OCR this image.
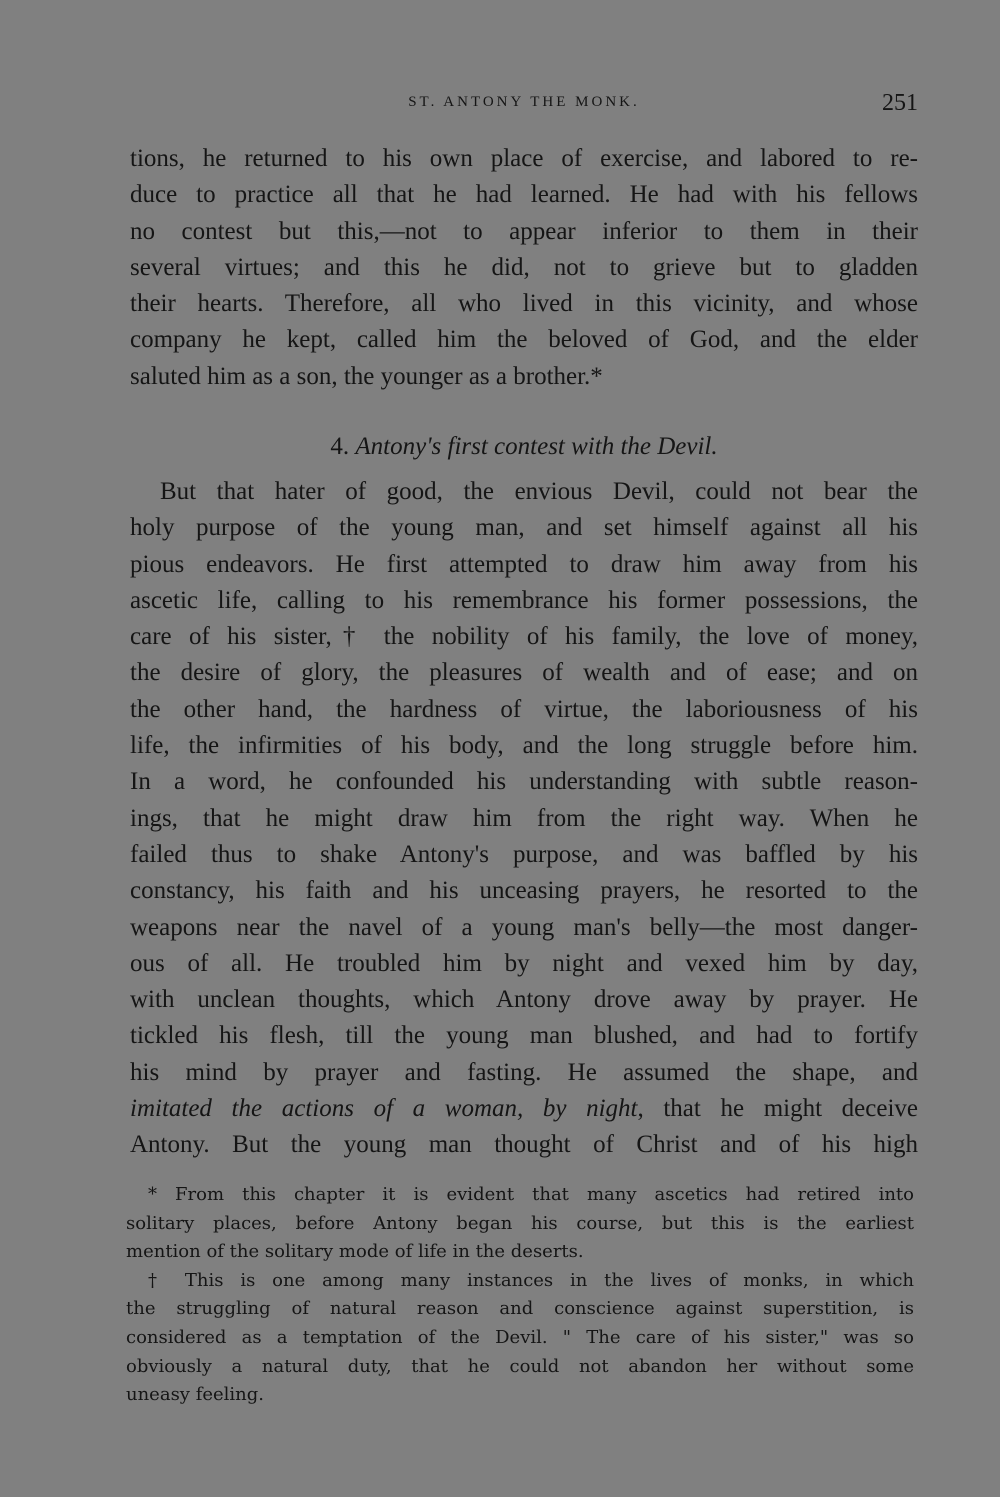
ST. ANTONY THE MONK.	251
tions, he returned to his own place of exercise, and labored to re-
duce to practice all that he had learned. He had with his fellows
no contest but this,—not to appear inferior to them in their
several virtues; and this he did, not to grieve but to gladden
their hearts. Therefore, all who lived in this vicinity, and whose
company he kept, called him the beloved of God, and the elder
saluted him as a son, the younger as a brother.*
4. Antony's first contest with the Devil.
But that hater of good, the envious Devil, could not bear the
holy purpose of the young man, and set himself against all his
pious endeavors. He first attempted to draw him away from his
ascetic life, calling to his remembrance his former possessions, the
care of his sister,† the nobility of his family, the love of money,
the desire of glory, the pleasures of wealth and of ease; and on
the other hand, the hardness of virtue, the laboriousness of his
life, the infirmities of his body, and the long struggle before him.
In a word, he confounded his understanding with subtle reason-
ings, that he might draw him from the right way. When he
failed thus to shake Antony's purpose, and was baffled by his
constancy, his faith and his unceasing prayers, he resorted to the
weapons near the navel of a young man's belly—the most danger-
ous of all. He troubled him by night and vexed him by day,
with unclean thoughts, which Antony drove away by prayer. He
tickled his flesh, till the young man blushed, and had to fortify
his mind by prayer and fasting. He assumed the shape, and
imitated the actions of a woman, by night, that he might deceive
Antony. But the young man thought of Christ and of his high
* From this chapter it is evident that many ascetics had retired into
solitary places, before Antony began his course, but this is the earliest
mention of the solitary mode of life in the deserts.
† This is one among many instances in the lives of monks, in which
the struggling of natural reason and conscience against superstition, is
considered as a temptation of the Devil. " The care of his sister," was so
obviously a natural duty, that he could not abandon her without some
uneasy feeling.
